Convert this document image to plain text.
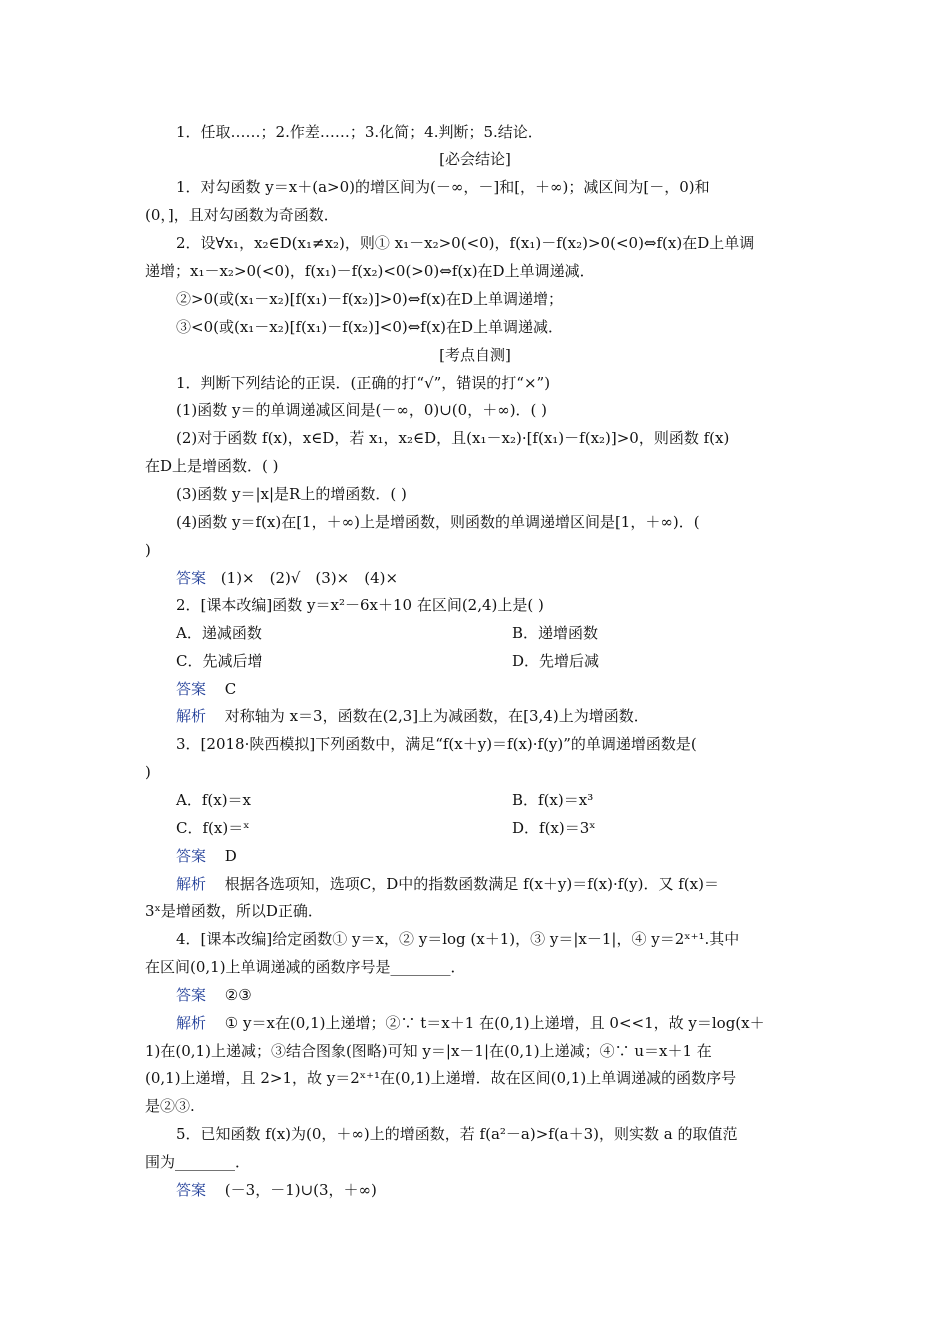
1．任取……；2.作差……；3.化简；4.判断；5.结论．
[必会结论]
1．对勾函数 y＝x＋(a>0)的增区间为(－∞，－]和[，＋∞)；减区间为[－，0)和
(0，]，且对勾函数为奇函数．
2．设∀x₁，x₂∈D(x₁≠x₂)，则① x₁－x₂>0(<0)，f(x₁)－f(x₂)>0(<0)⇔f(x)在D上单调
递增；x₁－x₂>0(<0)，f(x₁)－f(x₂)<0(>0)⇔f(x)在D上单调递减．
②>0(或(x₁－x₂)[f(x₁)－f(x₂)]>0)⇔f(x)在D上单调递增；
③<0(或(x₁－x₂)[f(x₁)－f(x₂)]<0)⇔f(x)在D上单调递减．
[考点自测]
1．判断下列结论的正误．(正确的打“√”，错误的打“×”)
(1)函数 y＝的单调递减区间是(－∞，0)∪(0，＋∞)．( )
(2)对于函数 f(x)，x∈D，若 x₁，x₂∈D，且(x₁－x₂)·[f(x₁)－f(x₂)]>0，则函数 f(x)
在D上是增函数．( )
(3)函数 y＝|x|是R上的增函数．( )
(4)函数 y＝f(x)在[1，＋∞)上是增函数，则函数的单调递增区间是[1，＋∞)．(
)
答案 (1)×　(2)√　(3)×　(4)×
2．[课本改编]函数 y＝x²－6x＋10 在区间(2,4)上是( )
A．递减函数	B．递增函数
C．先减后增	D．先增后减
答案 C
解析 对称轴为 x＝3，函数在(2,3]上为减函数，在[3,4)上为增函数．
3．[2018·陕西模拟]下列函数中，满足“f(x＋y)＝f(x)·f(y)”的单调递增函数是(
)
A．f(x)＝x	B．f(x)＝x³
C．f(x)＝ˣ	D．f(x)＝3ˣ
答案 D
解析 根据各选项知，选项C，D中的指数函数满足 f(x＋y)＝f(x)·f(y)．又 f(x)＝
3ˣ是增函数，所以D正确．
4．[课本改编]给定函数① y＝x，② y＝log (x＋1)，③ y＝|x－1|，④ y＝2ˣ⁺¹.其中
在区间(0,1)上单调递减的函数序号是________．
答案 ②③
解析 ① y＝x在(0,1)上递增；②∵ t＝x＋1 在(0,1)上递增，且 0<<1，故 y＝log(x＋
1)在(0,1)上递减；③结合图象(图略)可知 y＝|x－1|在(0,1)上递减；④∵ u＝x＋1 在
(0,1)上递增，且 2>1，故 y＝2ˣ⁺¹在(0,1)上递增．故在区间(0,1)上单调递减的函数序号
是②③.
5．已知函数 f(x)为(0，＋∞)上的增函数，若 f(a²－a)>f(a＋3)，则实数 a 的取值范
围为________．
答案 (－3，－1)∪(3，＋∞)
